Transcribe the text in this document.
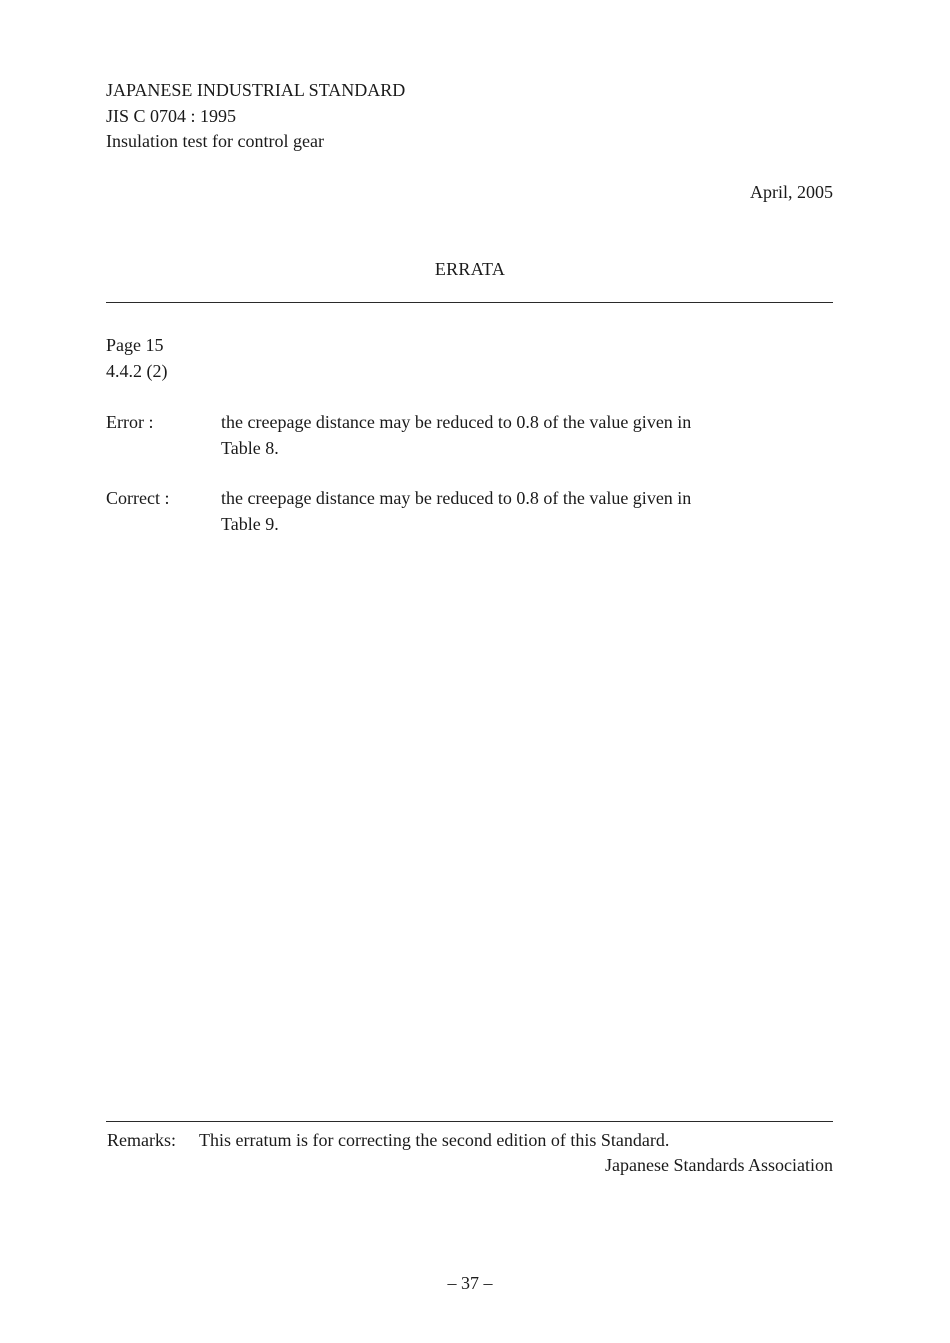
JAPANESE INDUSTRIAL STANDARD
JIS C 0704 : 1995
Insulation test for control gear
April, 2005
ERRATA
Page 15
4.4.2 (2)
Error :	the creepage distance may be reduced to 0.8 of the value given in
Table 8.
Correct :	the creepage distance may be reduced to 0.8 of the value given in
Table 9.
Remarks: This erratum is for correcting the second edition of this Standard.
Japanese Standards Association
– 37 –
